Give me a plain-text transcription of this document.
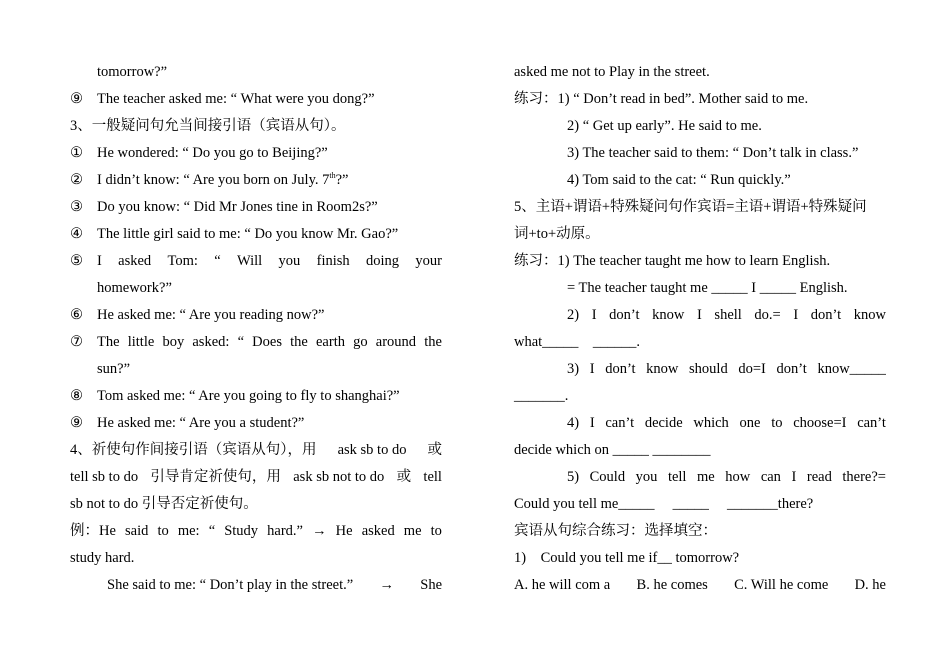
tomorrow?”
⑨ The teacher asked me: “ What were you dong?”
3、一般疑问句允当间接引语（宾语从句）。
① He wondered: “ Do you go to Beijing?”
② I didn’t know: “ Are you born on July. 7th?”
③ Do you know: “ Did Mr Jones tine in Room2s?”
④ The little girl said to me: “ Do you know Mr. Gao?”
⑤ I asked Tom: “ Will you finish doing your
homework?”
⑥ He asked me: “ Are you reading now?”
⑦ The little boy asked: “ Does the earth go around the
sun?”
⑧ Tom asked me: “ Are you going to fly to shanghai?”
⑨ He asked me: “ Are you a student?”
4、祈使句作间接引语（宾语从句），用 ask sb to do 或
tell sb to do 引导肯定祈使句，用 ask sb not to do 或 tell
sb not to do 引导否定祈使句。
例：He said to me: “ Study hard.” → He asked me to
study hard.
She said to me: “ Don’t play in the street.” → She
asked me not to Play in the street.
练习：1) “ Don’t read in bed”. Mother said to me.
2) “ Get up early”. He said to me.
3) The teacher said to them: “ Don’t talk in class.”
4) Tom said to the cat: “ Run quickly.”
5、主语+谓语+特殊疑问句作宾语=主语+谓语+特殊疑问
词+to+动原。
练习：1) The teacher taught me how to learn English.
= The teacher taught me _____ I _____ English.
2) I don’t know I shell do.= I don’t know
what_____    ______.
3) I don’t know should do=I don’t know_____
_______.
4) I can’t decide which one to choose=I can’t
decide which on _____ ________
5) Could you tell me how can I read there?=
Could you tell me_____     _____     _______there?
宾语从句综合练习：选择填空：
1)    Could you tell me if__ tomorrow?
A. he will com a B. he comes C. Will he come D. he
